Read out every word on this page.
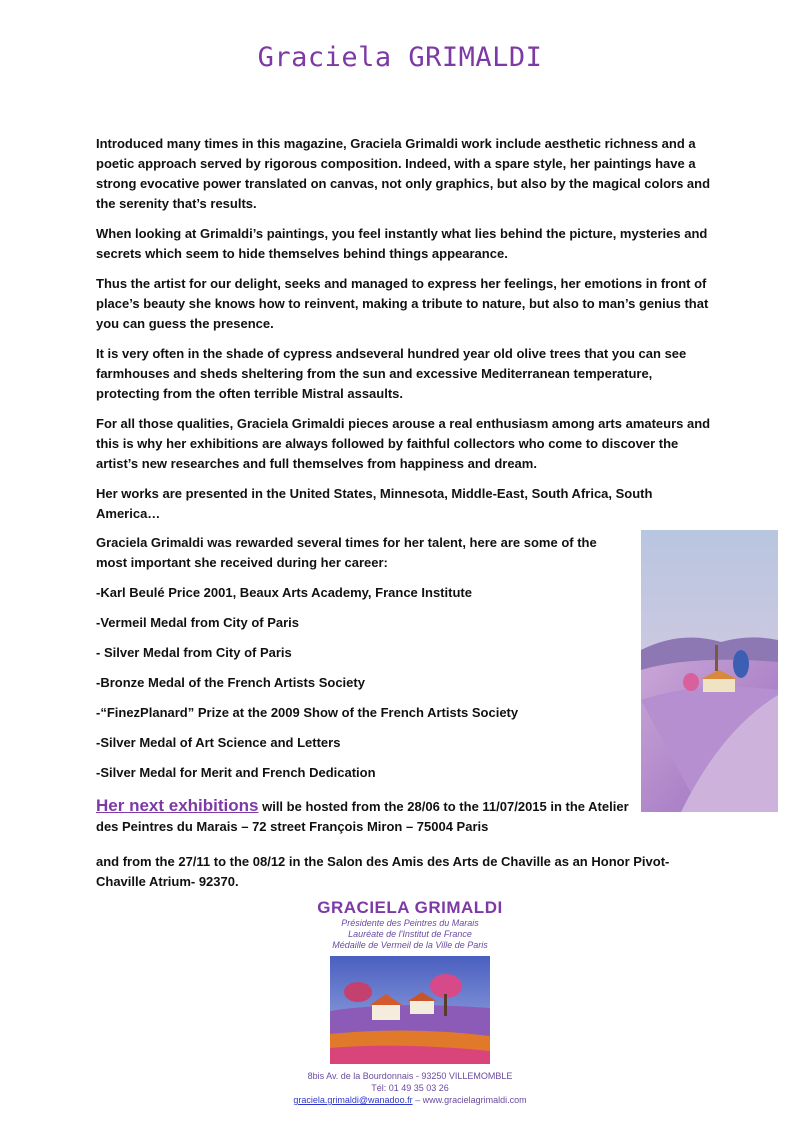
Graciela GRIMALDI

Introduced many times in this magazine, Graciela Grimaldi work include aesthetic richness and a poetic approach served by rigorous composition. Indeed, with a spare style, her paintings have a strong evocative power translated on canvas, not only graphics, but also by the magical colors and the serenity that’s results.

When looking at Grimaldi’s paintings, you feel instantly what lies behind the picture, mysteries and secrets which seem to hide themselves behind things appearance.

Thus the artist for our delight, seeks and managed to express her feelings, her emotions in front of place’s beauty she knows how to reinvent, making a tribute to nature, but also to man’s genius that you can guess the presence.

It is very often in the shade of cypress andseveral hundred year old olive trees that you can see farmhouses and sheds sheltering from the sun and excessive Mediterranean temperature, protecting from the often terrible Mistral assaults.

For all those qualities, Graciela Grimaldi pieces arouse a real enthusiasm among arts amateurs and this is why her exhibitions are always followed by faithful collectors who come to discover the artist’s new researches and full themselves from happiness and dream.

Her works are presented in the United States, Minnesota, Middle-East, South Africa, South America…

Graciela Grimaldi was rewarded several times for her talent, here are some of the most important she received during her career:

-Karl Beulé Price 2001, Beaux Arts Academy, France Institute

-Vermeil Medal from City of Paris

- Silver Medal from City of Paris

-Bronze Medal of the French Artists Society

-“FinezPlanard” Prize at the 2009 Show of the French Artists Society

-Silver Medal of Art Science and Letters

-Silver Medal for Merit and French Dedication

Her next exhibitions will be hosted from the 28/06 to the 11/07/2015 in the Atelier des Peintres du Marais – 72 street François Miron – 75004 Paris
and from the 27/11 to the 08/12 in the Salon des Amis des Arts de Chaville as an Honor Pivot-Chaville Atrium- 92370.
GRACIELA GRIMALDI
Présidente des Peintres du Marais
Lauréate de l'Institut de France
Médaille de Vermeil de la Ville de Paris
8bis Av. de la Bourdonnais - 93250 VILLEMOMBLE
Tél: 01 49 35 03 26
graciela.grimaldi@wanadoo.fr – www.gracielagrimaldi.com
